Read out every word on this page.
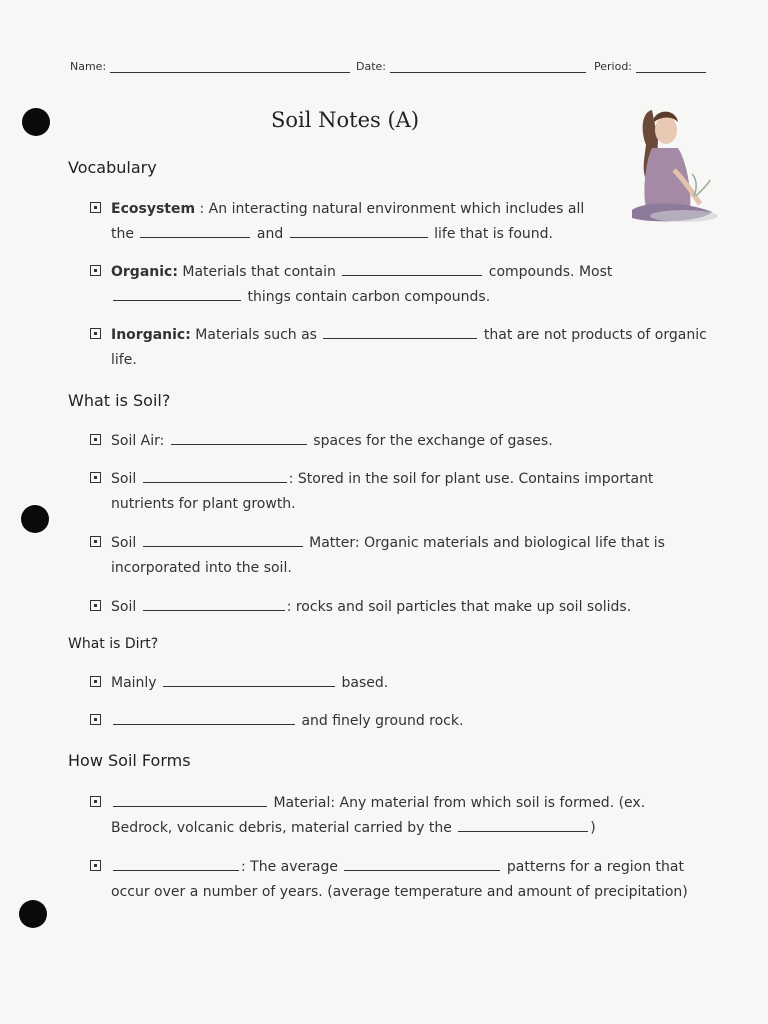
Name:	Date:	Period:
Soil Notes (A)
Vocabulary
Ecosystem : An interacting natural environment which includes all
the	and	life that is found.
Organic: Materials that contain	compounds. Most
things contain carbon compounds.
Inorganic: Materials such as	that are not products of organic
life.
What is Soil?
Soil Air:	spaces for the exchange of gases.
Soil	: Stored in the soil for plant use. Contains important
nutrients for plant growth.
Soil	Matter: Organic materials and biological life that is
incorporated into the soil.
Soil	: rocks and soil particles that make up soil solids.
What is Dirt?
Mainly	based.
and finely ground rock.
How Soil Forms
Material: Any material from which soil is formed. (ex.
Bedrock, volcanic debris, material carried by the	)
: The average	patterns for a region that
occur over a number of years. (average temperature and amount of precipitation)
